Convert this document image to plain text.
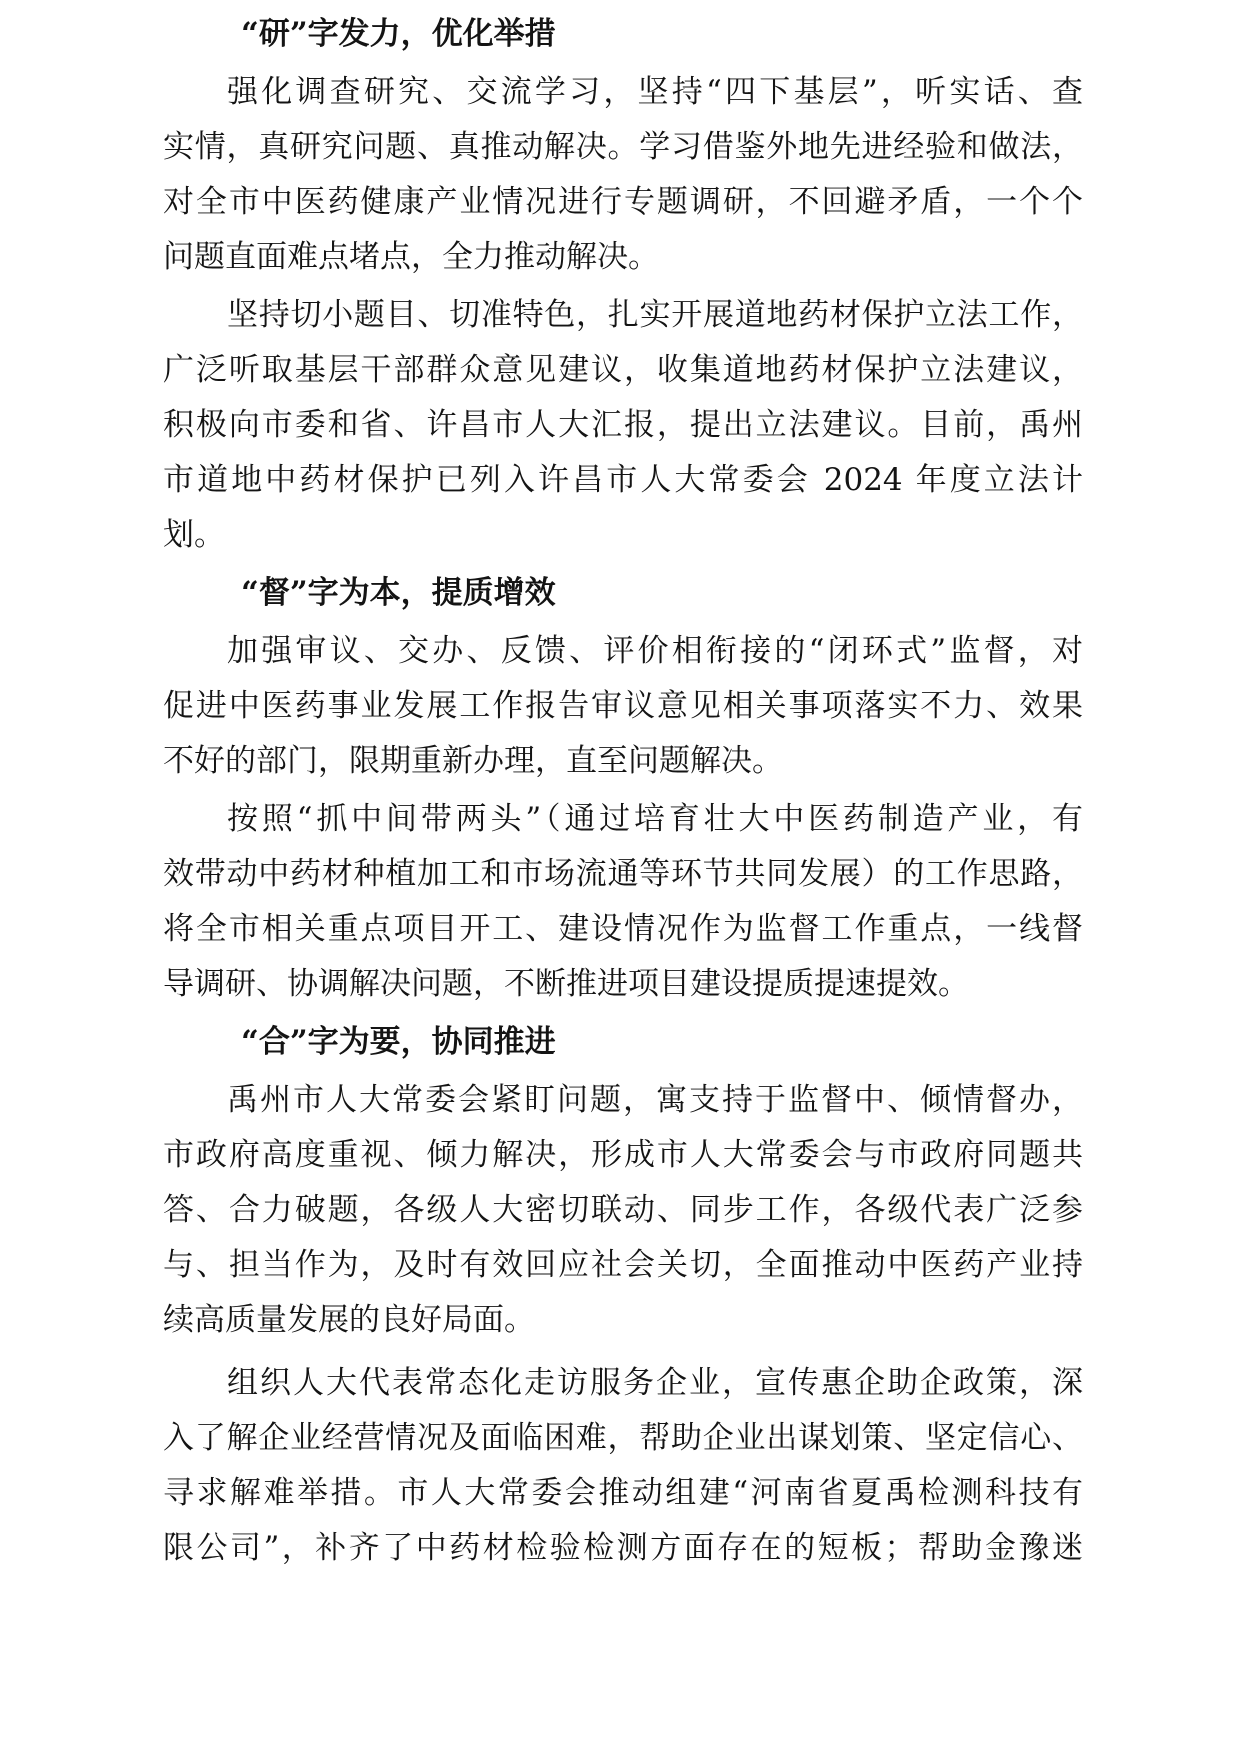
“研”字发力，优化举措
强化调查研究、交流学习，坚持“四下基层”，听实话、查
实情，真研究问题、真推动解决。学习借鉴外地先进经验和做法，
对全市中医药健康产业情况进行专题调研，不回避矛盾，一个个
问题直面难点堵点，全力推动解决。
坚持切小题目、切准特色，扎实开展道地药材保护立法工作，
广泛听取基层干部群众意见建议，收集道地药材保护立法建议，
积极向市委和省、许昌市人大汇报，提出立法建议。目前，禹州
市道地中药材保护已列入许昌市人大常委会 2024 年度立法计
划。
“督”字为本，提质增效
加强审议、交办、反馈、评价相衔接的“闭环式”监督，对
促进中医药事业发展工作报告审议意见相关事项落实不力、效果
不好的部门，限期重新办理，直至问题解决。
按照“抓中间带两头”（通过培育壮大中医药制造产业，有
效带动中药材种植加工和市场流通等环节共同发展）的工作思路，
将全市相关重点项目开工、建设情况作为监督工作重点，一线督
导调研、协调解决问题，不断推进项目建设提质提速提效。
“合”字为要，协同推进
禹州市人大常委会紧盯问题，寓支持于监督中、倾情督办，
市政府高度重视、倾力解决，形成市人大常委会与市政府同题共
答、合力破题，各级人大密切联动、同步工作，各级代表广泛参
与、担当作为，及时有效回应社会关切，全面推动中医药产业持
续高质量发展的良好局面。
组织人大代表常态化走访服务企业，宣传惠企助企政策，深
入了解企业经营情况及面临困难，帮助企业出谋划策、坚定信心、
寻求解难举措。市人大常委会推动组建“河南省夏禹检测科技有
限公司”，补齐了中药材检验检测方面存在的短板；帮助金豫迷
